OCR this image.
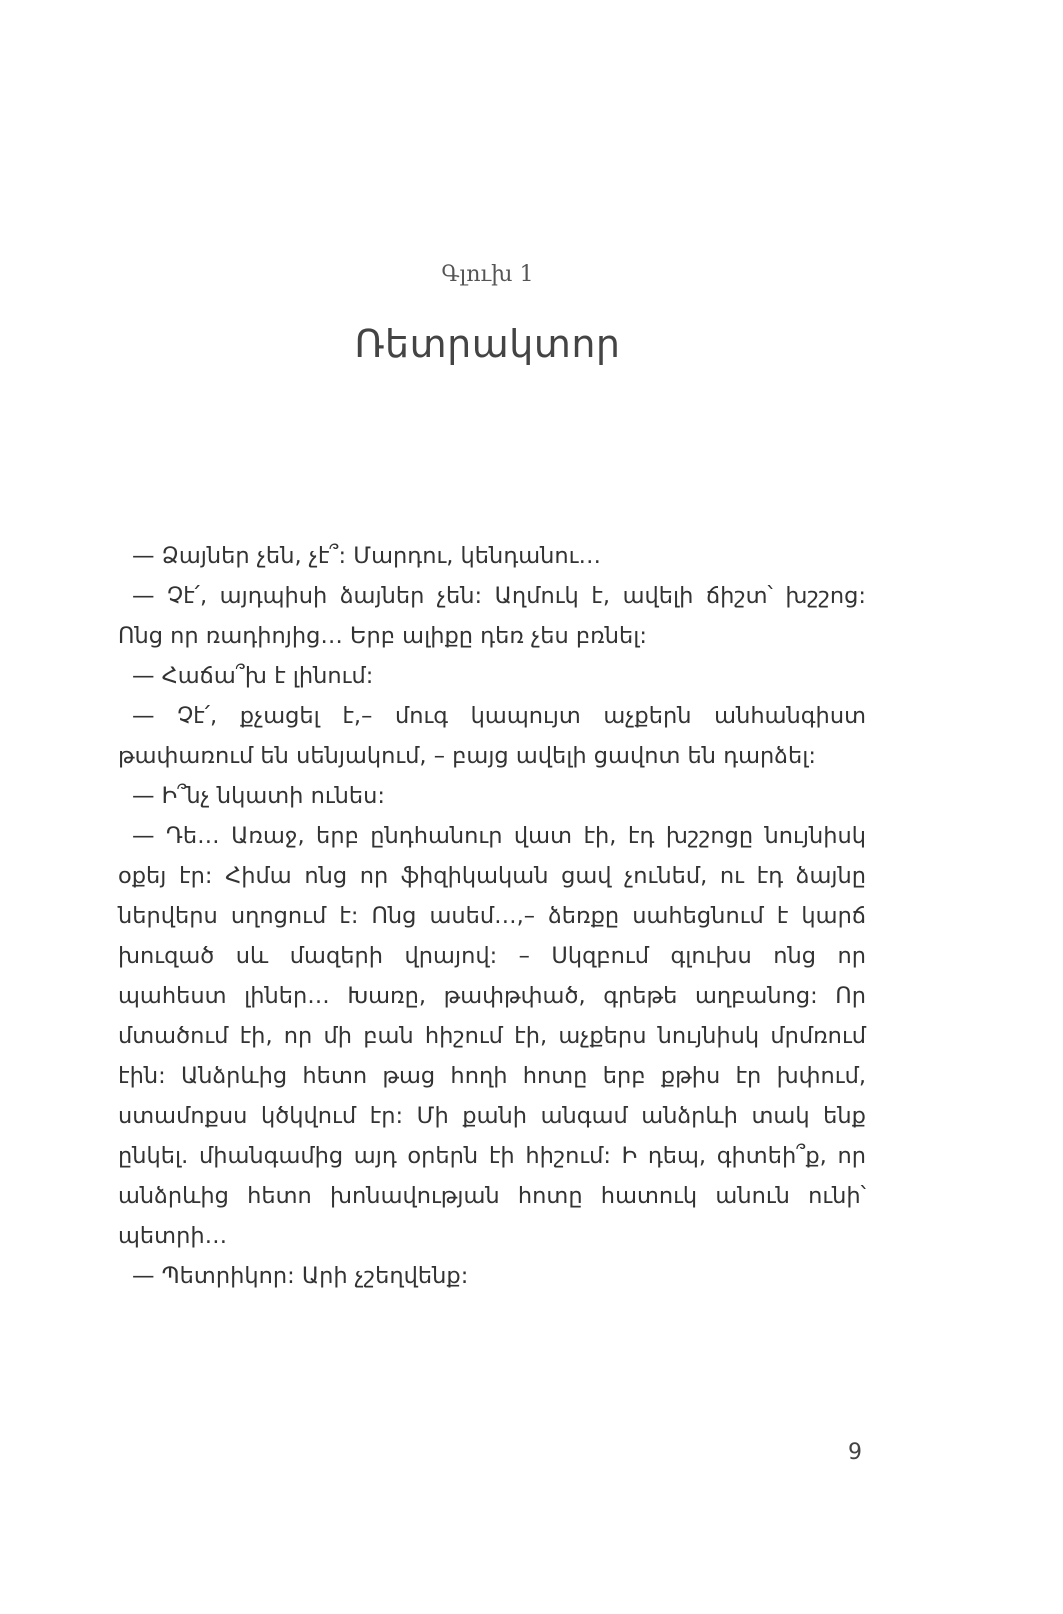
Գլուխ 1
Ռետրակտոր

— Ձայներ չեն, չէ՞: Մարդու, կենդանու…

— Չէ՛, այդպիսի ձայներ չեն: Աղմուկ է, ավելի ճիշտ՝ խշշոց: Ոնց որ ռադիոյից… Երբ ալիքը դեռ չես բռնել:

— Հաճա՞խ է լինում:

— Չէ՛, քչացել է,– մուգ կապույտ աչքերն անհանգիստ թափառում են սենյակում, – բայց ավելի ցավոտ են դարձել:

— Ի՞նչ նկատի ունես:

— Դե… Առաջ, երբ ընդհանուր վատ էի, էդ խշշոցը նույնիսկ օքեյ էր: Հիմա ոնց որ ֆիզիկական ցավ չունեմ, ու էդ ձայնը ներվերս սղոցում է: Ոնց ասեմ…,– ձեռքը սահեցնում է կարճ խուզած սև մազերի վրայով: – Սկզբում գլուխս ոնց որ պահեստ լիներ… Խառը, թափթփած, գրեթե աղբանոց: Որ մտածում էի, որ մի բան հիշում էի, աչքերս նույնիսկ մրմռում էին: Անձրևից հետո թաց հողի հոտը երբ քթիս էր խփում, ստամոքսս կծկվում էր: Մի քանի անգամ անձրևի տակ ենք ընկել. միանգամից այդ օրերն էի հիշում: Ի դեպ, գիտեի՞ք, որ անձրևից հետո խոնավության հոտը հատուկ անուն ունի՝ պետրի…

— Պետրիկոր: Արի չշեղվենք:

9
